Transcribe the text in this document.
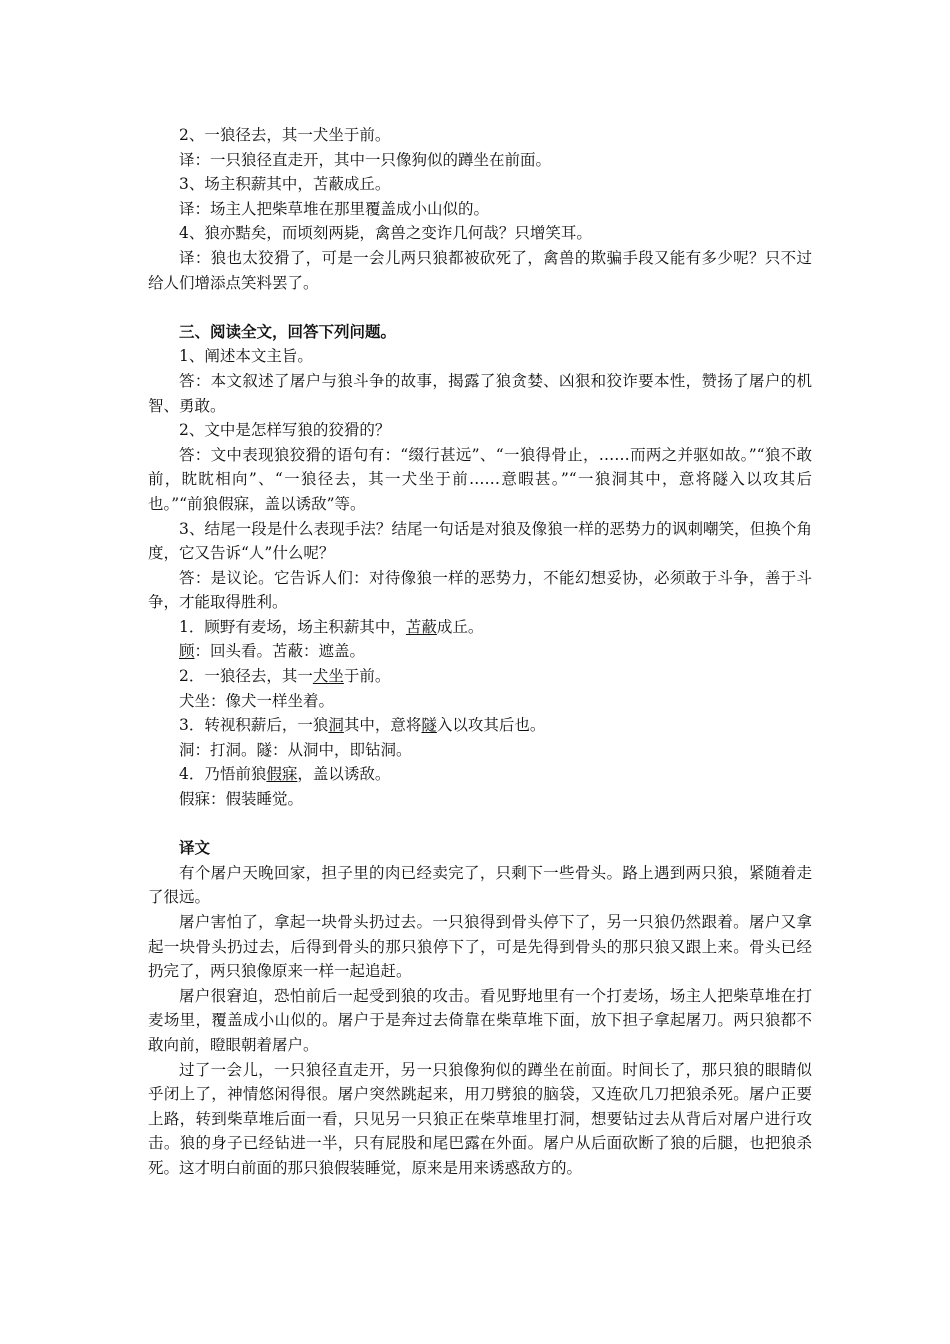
2、一狼径去，其一犬坐于前。

译：一只狼径直走开，其中一只像狗似的蹲坐在前面。

3、场主积薪其中，苫蔽成丘。

译：场主人把柴草堆在那里覆盖成小山似的。

4、狼亦黠矣，而顷刻两毙，禽兽之变诈几何哉？只增笑耳。

译：狼也太狡猾了，可是一会儿两只狼都被砍死了，禽兽的欺骗手段又能有多少呢？只不过给人们增添点笑料罢了。

三、阅读全文，回答下列问题。

1、阐述本文主旨。

答：本文叙述了屠户与狼斗争的故事，揭露了狼贪婪、凶狠和狡诈要本性，赞扬了屠户的机智、勇敢。

2、文中是怎样写狼的狡猾的？

答：文中表现狼狡猾的语句有：“缀行甚远”、“一狼得骨止，……而两之并驱如故。”“狼不敢前，眈眈相向”、“一狼径去，其一犬坐于前……意暇甚。”“一狼洞其中，意将隧入以攻其后也。”“前狼假寐，盖以诱敌”等。

3、结尾一段是什么表现手法？结尾一句话是对狼及像狼一样的恶势力的讽刺嘲笑，但换个角度，它又告诉“人”什么呢？

答：是议论。它告诉人们：对待像狼一样的恶势力，不能幻想妥协，必须敢于斗争，善于斗争，才能取得胜利。

1．顾野有麦场，场主积薪其中，苫蔽成丘。

顾：回头看。苫蔽：遮盖。

2．一狼径去，其一犬坐于前。

犬坐：像犬一样坐着。

3．转视积薪后，一狼洞其中，意将隧入以攻其后也。

洞：打洞。隧：从洞中，即钻洞。

4．乃悟前狼假寐，盖以诱敌。

假寐：假装睡觉。

译文

有个屠户天晚回家，担子里的肉已经卖完了，只剩下一些骨头。路上遇到两只狼，紧随着走了很远。

屠户害怕了，拿起一块骨头扔过去。一只狼得到骨头停下了，另一只狼仍然跟着。屠户又拿起一块骨头扔过去，后得到骨头的那只狼停下了，可是先得到骨头的那只狼又跟上来。骨头已经扔完了，两只狼像原来一样一起追赶。

屠户很窘迫，恐怕前后一起受到狼的攻击。看见野地里有一个打麦场，场主人把柴草堆在打麦场里，覆盖成小山似的。屠户于是奔过去倚靠在柴草堆下面，放下担子拿起屠刀。两只狼都不敢向前，瞪眼朝着屠户。

过了一会儿，一只狼径直走开，另一只狼像狗似的蹲坐在前面。时间长了，那只狼的眼睛似乎闭上了，神情悠闲得很。屠户突然跳起来，用刀劈狼的脑袋，又连砍几刀把狼杀死。屠户正要上路，转到柴草堆后面一看，只见另一只狼正在柴草堆里打洞，想要钻过去从背后对屠户进行攻击。狼的身子已经钻进一半，只有屁股和尾巴露在外面。屠户从后面砍断了狼的后腿，也把狼杀死。这才明白前面的那只狼假装睡觉，原来是用来诱惑敌方的。
